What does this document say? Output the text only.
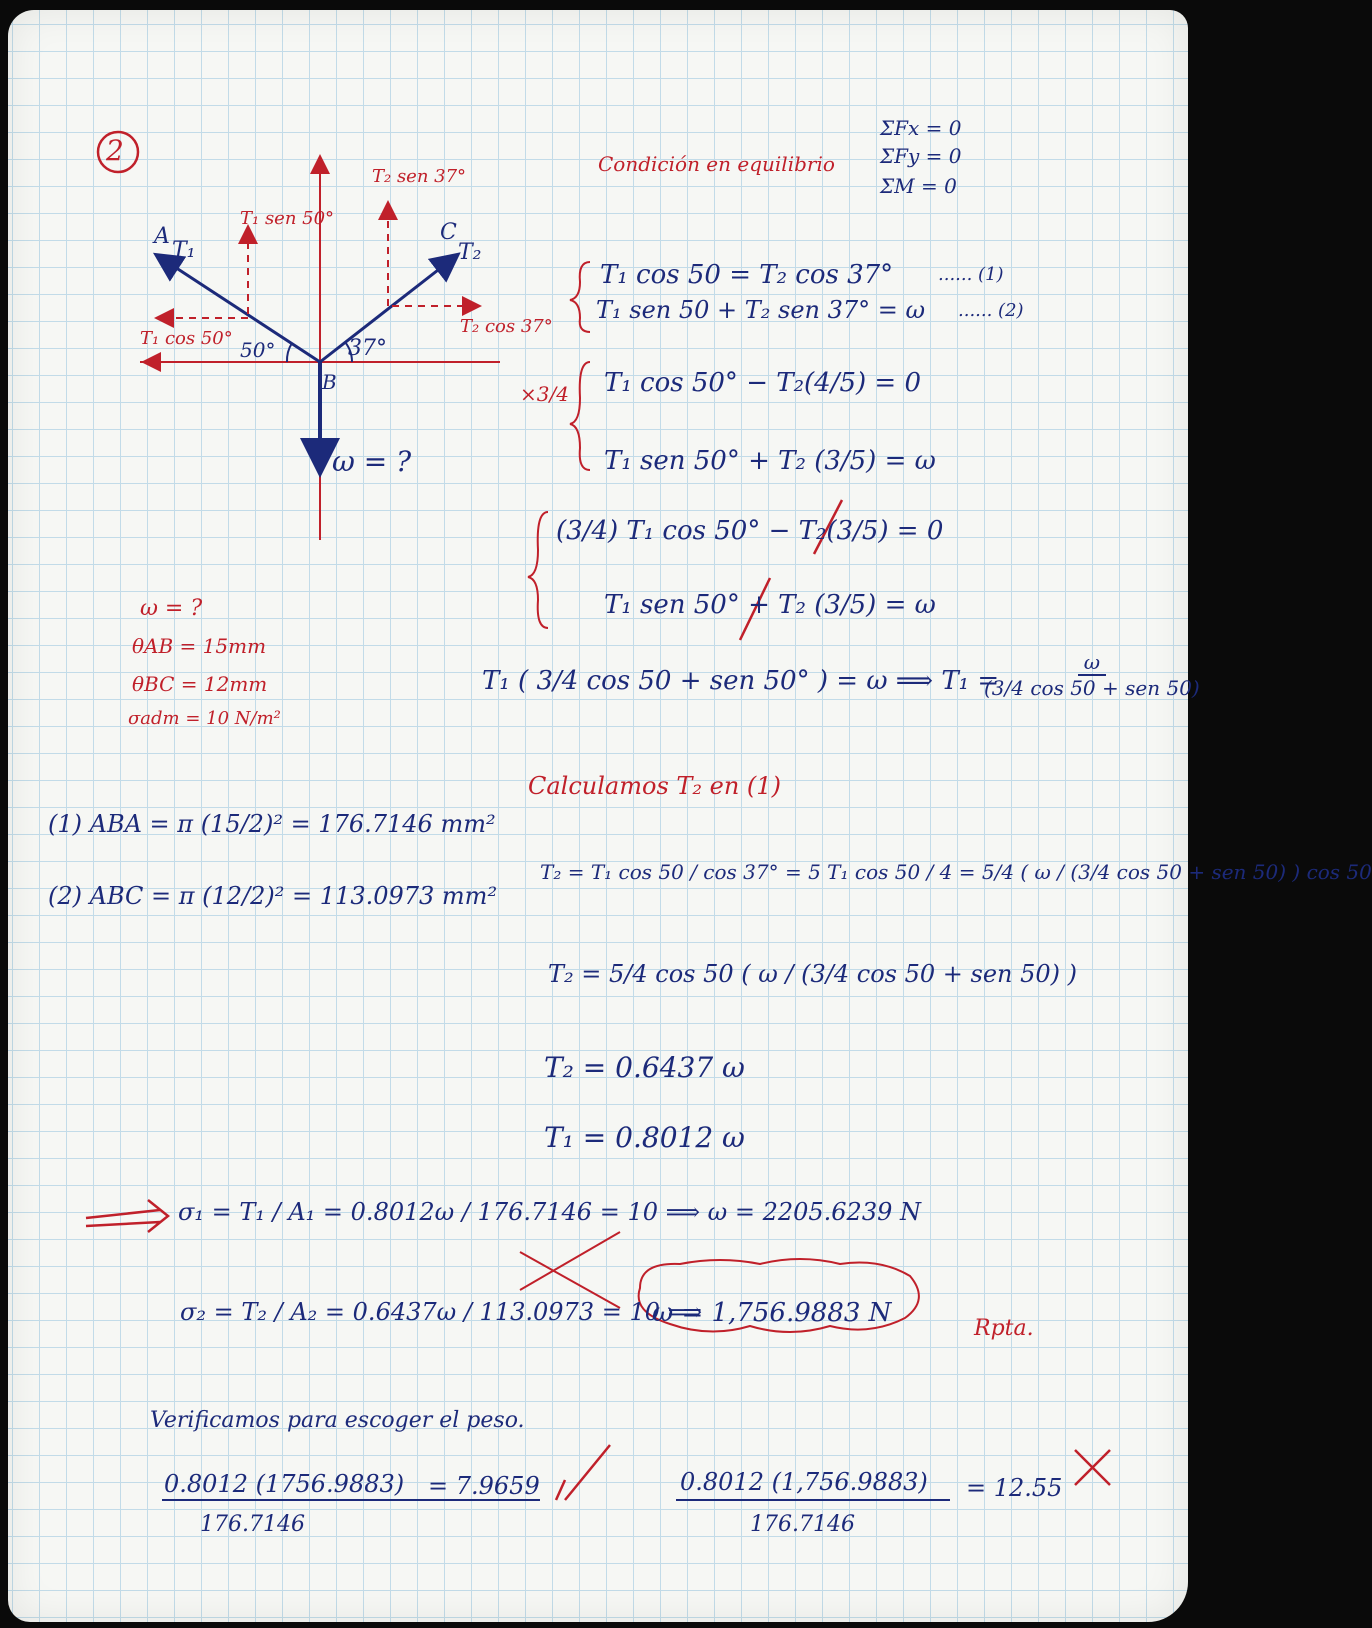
2
T₁ sen 50°
T₂ sen 37°
A
T₁
C
T₂
T₁ cos 50°
T₂ cos 37°
50°	37°
B
ω = ?
Condición en equilibrio
ΣFx = 0
ΣFy = 0
ΣM = 0
T₁ cos 50 = T₂ cos 37° ...... (1)
T₁ sen 50 + T₂ sen 37° = ω ...... (2)
×3/4 T₁ cos 50° − T₂(4/5) = 0
T₁ sen 50° + T₂ (3/5) = ω
(3/4) T₁ cos 50° − T₂(3/5) = 0
T₁ sen 50° + T₂ (3/5) = ω
T₁ ( 3/4 cos 50 + sen 50° ) = ω ⟹ T₁ =
$\frac{\omega}{\text{(3/4 cos 50 + sen 50)}}$
ω = ?
θAB = 15mm
θBC = 12mm
σadm = 10 N/m²
Calculamos T₂ en (1)
(1) ABA = π (15/2)² = 176.7146 mm²
(2) ABC = π (12/2)² = 113.0973 mm²
T₂ = T₁ cos 50 / cos 37° = 5 T₁ cos 50 / 4 = 5/4 ( ω / (3/4 cos 50 + sen 50) ) cos 50
T₂ = 5/4 cos 50 ( ω / (3/4 cos 50 + sen 50) )
T₂ = 0.6437 ω
T₁ = 0.8012 ω
σ₁ = T₁ / A₁ = 0.8012ω / 176.7146 = 10 ⟹ ω = 2205.6239 N
σ₂ = T₂ / A₂ = 0.6437ω / 113.0973 = 10 ⟹
ω = 1,756.9883 N
Rpta.
Verificamos para escoger el peso.
0.8012 (1756.9883)
176.7146
= 7.9659	0.8012 (1,756.9883)
176.7146
= 12.55
